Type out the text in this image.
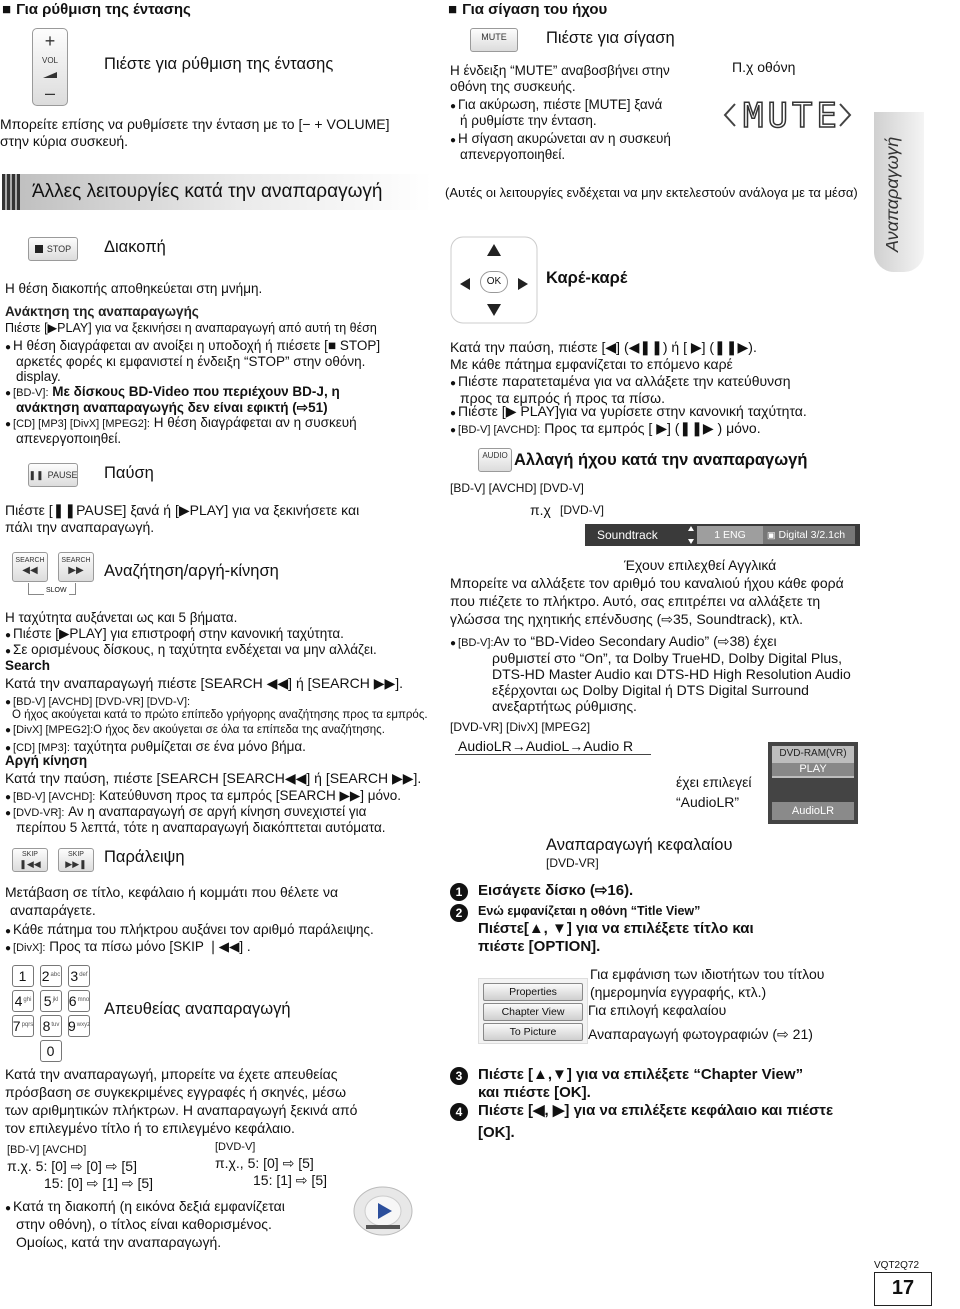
■ Για ρύθμιση της έντασης
+
VOL
–
Πιέστε για ρύθμιση της έντασης
Μπορείτε επίσης να ρυθμίσετε την ένταση με το [− + VOLUME]
στην κύρια συσκευή.
Άλλες λειτουργίες κατά την αναπαραγωγή
STOP Διακοπή
Η θέση διακοπής αποθηκεύεται στη μνήμη.
Ανάκτηση της αναπαραγωγής
Πιέστε [▶PLAY] για να ξεκινήσει η αναπαραγωγή από αυτή τη θέση
● Η θέση διαγράφεται αν ανοίξει η υποδοχή ή πιέσετε [■ STOP]
αρκετές φορές κι εμφανιστεί η ένδειξη “STOP” στην οθόνη.
display.
● [BD-V]: Με δίσκους BD-Video που περιέχουν BD-J, η
ανάκτηση αναπαραγωγής δεν είναι εφικτή (⇨51)
● [CD] [MP3] [DivX] [MPEG2]: Η θέση διαγράφεται αν η συσκευή
απενεργοποιηθεί.
❚❚ PAUSE Παύση
Πιέστε [❚❚PAUSE] ξανά ή [▶PLAY] για να ξεκινήσετε και
πάλι την αναπαραγωγή.
SEARCH
◀◀
SEARCH
▶▶
SLOW
Αναζήτηση/αργή-κίνηση
Η ταχύτητα αυξάνεται ως και 5 βήματα.
● Πιέστε [▶PLAY] για επιστροφή στην κανονική ταχύτητα.
● Σε ορισμένους δίσκους, η ταχύτητα ενδέχεται να μην αλλάζει.
Search
Κατά την αναπαραγωγή πιέστε [SEARCH ◀◀] ή [SEARCH ▶▶].
● [BD-V] [AVCHD] [DVD-VR] [DVD-V]:
Ο ήχος ακούγεται κατά το πρώτο επίπεδο γρήγορης αναζήτησης προς τα εμπρός.
● [DivX] [MPEG2]:Ο ήχος δεν ακούγεται σε όλα τα επίπεδα της αναζήτησης.
● [CD] [MP3]: ταχύτητα ρυθμίζεται σε ένα μόνο βήμα.
Αργή κίνηση
Κατά την παύση, πιέστε [SEARCH [SEARCH◀◀] ή [SEARCH ▶▶].
● [BD-V] [AVCHD]: Κατεύθυνση προς τα εμπρός [SEARCH ▶▶] μόνο.
● [DVD-VR]: Αν η αναπαραγωγή σε αργή κίνηση συνεχιστεί για
περίπου 5 λεπτά, τότε η αναπαραγωγή διακόπτεται αυτόματα.
SKIP
❚◀◀
SKIP
▶▶❚ Παράλειψη
Μετάβαση σε τίτλο, κεφάλαιο ή κομμάτι που θέλετε να
αναπαράγετε.
● Κάθε πάτημα του πλήκτρου αυξάνει τον αριθμό παράλειψης.
● [DivX]: Προς τα πίσω μόνο [SKIP ❘◀◀] .
1 2 abc 3 def
4 ghi 5 jkl 6 mno
7 pqrs 8 tuv 9 wxyz
0
Απευθείας αναπαραγωγή
Κατά την αναπαραγωγή, μπορείτε να έχετε απευθείας
πρόσβαση σε συγκεκριμένες εγγραφές ή σκηνές, μέσω
των αριθμητικών πλήκτρων. Η αναπαραγωγή ξεκινά από
τον επιλεγμένο τίτλο ή το επιλεγμένο κεφάλαιο.
[BD-V] [AVCHD]
π.χ. 5: [0] ⇨ [0] ⇨ [5]
15: [0] ⇨ [1] ⇨ [5]
[DVD-V]
π.χ., 5: [0] ⇨ [5]
15: [1] ⇨ [5]
● Κατά τη διακοπή (η εικόνα δεξιά εμφανίζεται
στην οθόνη), ο τίτλος είναι καθορισμένος.
Ομοίως, κατά την αναπαραγωγή.
■ Για σίγαση του ήχου
MUTE Πιέστε για σίγαση
Η ένδειξη “MUTE” αναβοσβήνει στην
οθόνη της συσκευής.
● Για ακύρωση, πιέστε [MUTE] ξανά
ή ρυθμίστε την ένταση.
● Η σίγαση ακυρώνεται αν η συσκευή
απενεργοποιηθεί.
Π.χ οθόνη
MUTE
(Αυτές οι λειτουργίες ενδέχεται να μην εκτελεστούν ανάλογα με τα μέσα) Αναπαραγωγή
OK	Καρέ-καρέ
Κατά την παύση, πιέστε [◀] (◀❚❚) ή [ ▶] (❚❚▶).
Με κάθε πάτημα εμφανίζεται το επόμενο καρέ
● Πιέστε παρατεταμένα για να αλλάξετε την κατεύθυνση
προς τα εμπρός ή προς τα πίσω.
● Πιέστε [▶ PLAY]για να γυρίσετε στην κανονική ταχύτητα.
● [BD-V] [AVCHD]: Προς τα εμπρός [ ▶] (❚❚▶ ) μόνο.
AUDIO Αλλαγή ήχου κατά την αναπαραγωγή
[BD-V] [AVCHD] [DVD-V]
π.χ [DVD-V]
Soundtrack	1 ENG ▣ Digital 3/2.1ch
Έχουν επιλεχθεί Αγγλικά
Μπορείτε να αλλάξετε τον αριθμό του καναλιού ήχου κάθε φορά
που πιέζετε το πλήκτρο. Αυτό, σας επιτρέπει να αλλάξετε τη
γλώσσα της ηχητικής επένδυσης (⇨35, Soundtrack), κτλ.
● [BD-V]:Αν το “BD-Video Secondary Audio” (⇨38) έχει
ρυθμιστεί στο “On”, τα Dolby TrueHD, Dolby Digital Plus,
DTS-HD Master Audio και DTS-HD High Resolution Audio
εξέρχονται ως Dolby Digital ή DTS Digital Surround
ανεξαρτήτως ρύθμισης.
[DVD-VR] [DivX] [MPEG2]
AudioLR→AudioL→Audio R
έχει επιλεγεί
“AudioLR”
DVD-RAM(VR)
PLAY
AudioLR
Αναπαραγωγή κεφαλαίου
[DVD-VR]
1 Εισάγετε δίσκο (⇨16).
2 Ενώ εμφανίζεται η οθόνη “Title View”
Πιέστε[▲, ▼] για να επιλέξετε τίτλο και
πιέστε [OPTION].
Properties
Chapter View
To Picture
Για εμφάνιση των ιδιοτήτων του τίτλου
(ημερομηνία εγγραφής, κτλ.)
Για επιλογή κεφαλαίου
Αναπαραγωγή φωτογραφιών (⇨ 21)
3 Πιέστε [▲,▼] για να επιλέξετε “Chapter View”
και πιέστε [OK].
4 Πιέστε [◀, ▶] για να επιλέξετε κεφάλαιο και πιέστε
[OK].
VQT2Q72
17
